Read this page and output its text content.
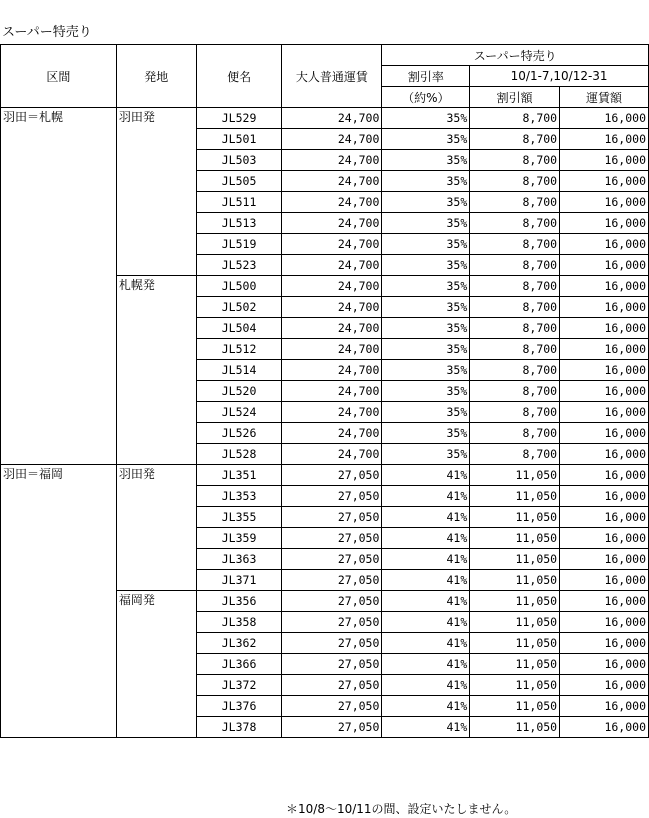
スーパー特売り
区間	発地	便名	大人普通運賃	スーパー特売り		
				割引率	10/1-7,10/12-31	
				（約%）	割引額	運賃額
羽田＝札幌	羽田発	JL529	24,700	35%	8,700	16,000
		JL501	24,700	35%	8,700	16,000
		JL503	24,700	35%	8,700	16,000
		JL505	24,700	35%	8,700	16,000
		JL511	24,700	35%	8,700	16,000
		JL513	24,700	35%	8,700	16,000
		JL519	24,700	35%	8,700	16,000
		JL523	24,700	35%	8,700	16,000
	札幌発	JL500	24,700	35%	8,700	16,000
		JL502	24,700	35%	8,700	16,000
		JL504	24,700	35%	8,700	16,000
		JL512	24,700	35%	8,700	16,000
		JL514	24,700	35%	8,700	16,000
		JL520	24,700	35%	8,700	16,000
		JL524	24,700	35%	8,700	16,000
		JL526	24,700	35%	8,700	16,000
		JL528	24,700	35%	8,700	16,000
羽田＝福岡	羽田発	JL351	27,050	41%	11,050	16,000
		JL353	27,050	41%	11,050	16,000
		JL355	27,050	41%	11,050	16,000
		JL359	27,050	41%	11,050	16,000
		JL363	27,050	41%	11,050	16,000
		JL371	27,050	41%	11,050	16,000
	福岡発	JL356	27,050	41%	11,050	16,000
		JL358	27,050	41%	11,050	16,000
		JL362	27,050	41%	11,050	16,000
		JL366	27,050	41%	11,050	16,000
		JL372	27,050	41%	11,050	16,000
		JL376	27,050	41%	11,050	16,000
		JL378	27,050	41%	11,050	16,000
＊10/8～10/11の間、設定いたしません。
